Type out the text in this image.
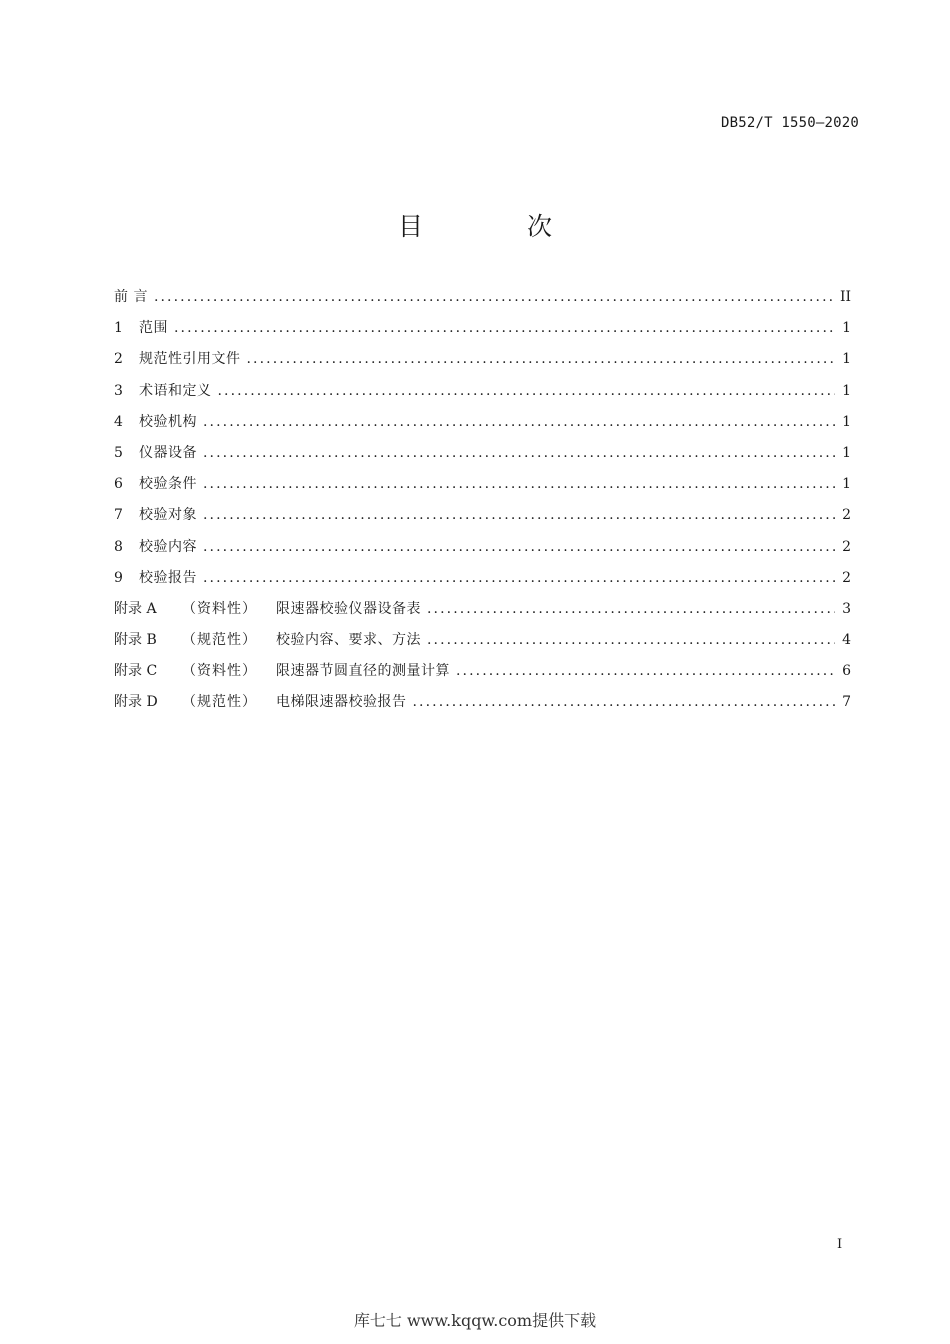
DB52/T 1550—2020
目 次
前 言 .....	II
1	范围 .....	1
2	规范性引用文件 .....	1
3	术语和定义 .....	1
4	校验机构 .....	1
5	仪器设备 .....	1
6	校验条件 .....	1
7	校验对象 .....	2
8	校验内容 .....	2
9	校验报告 .....	2
附录 A	（资料性）	限速器校验仪器设备表 .....	3
附录 B	（规范性）	校验内容、要求、方法 .....	4
附录 C	（资料性）	限速器节圆直径的测量计算 .....	6
附录 D	（规范性）	电梯限速器校验报告 .....	7
I
库七七 www.kqqw.com提供下载
